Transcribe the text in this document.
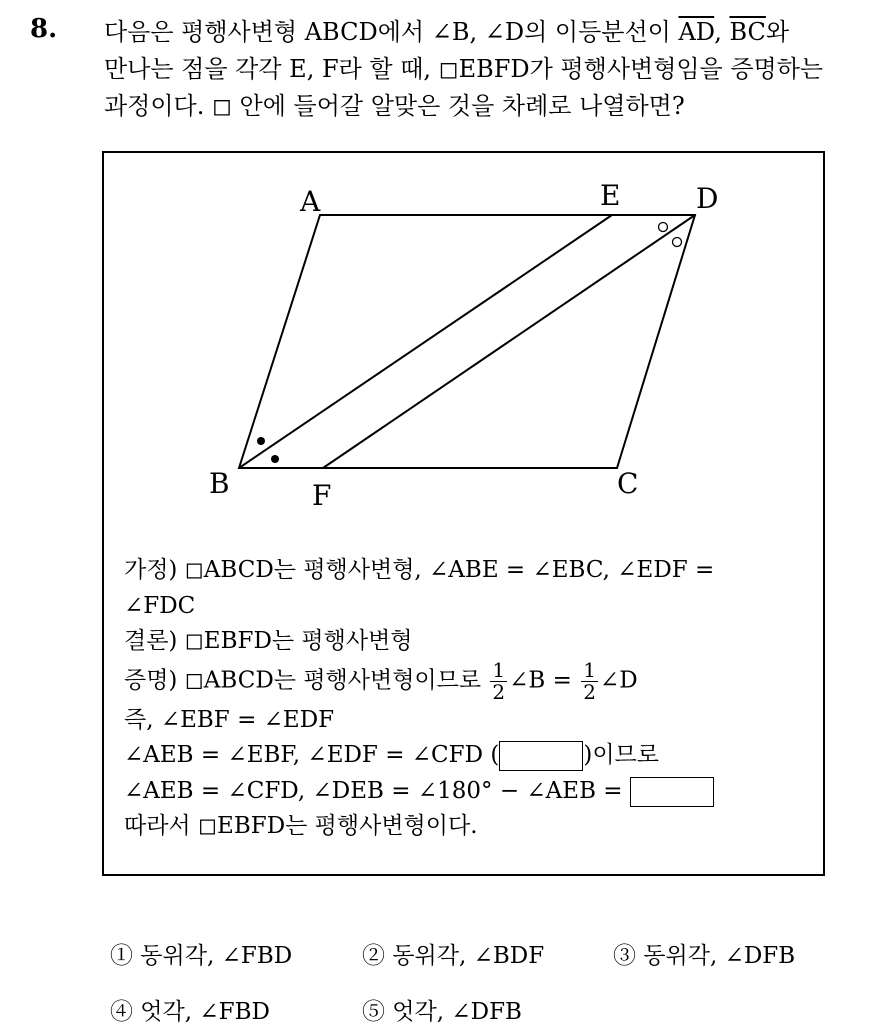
8. 다음은 평행사변형 ABCD에서 ∠B, ∠D의 이등분선이 $\overline{AD}$, $\overline{BC}$와
만나는 점을 각각 E, F라 할 때, ◻EBFD가 평행사변형임을 증명하는
과정이다. ◻ 안에 들어갈 알맞은 것을 차례로 나열하면?
A	E	D
B	F	C
가정) ◻ABCD는 평행사변형, ∠ABE = ∠EBC, ∠EDF =
∠FDC
결론) ◻EBFD는 평행사변형
증명) ◻ABCD는 평행사변형이므로 $\frac{1}{2}$ ∠B = $\frac{1}{2}$ ∠D
즉, ∠EBF = ∠EDF
∠AEB = ∠EBF, ∠EDF = ∠CFD (	)이므로
∠AEB = ∠CFD, ∠DEB = ∠180° − ∠AEB =
따라서 ◻EBFD는 평행사변형이다.
① 동위각, ∠FBD	② 동위각, ∠BDF	③ 동위각, ∠DFB
④ 엇각, ∠FBD	⑤ 엇각, ∠DFB
